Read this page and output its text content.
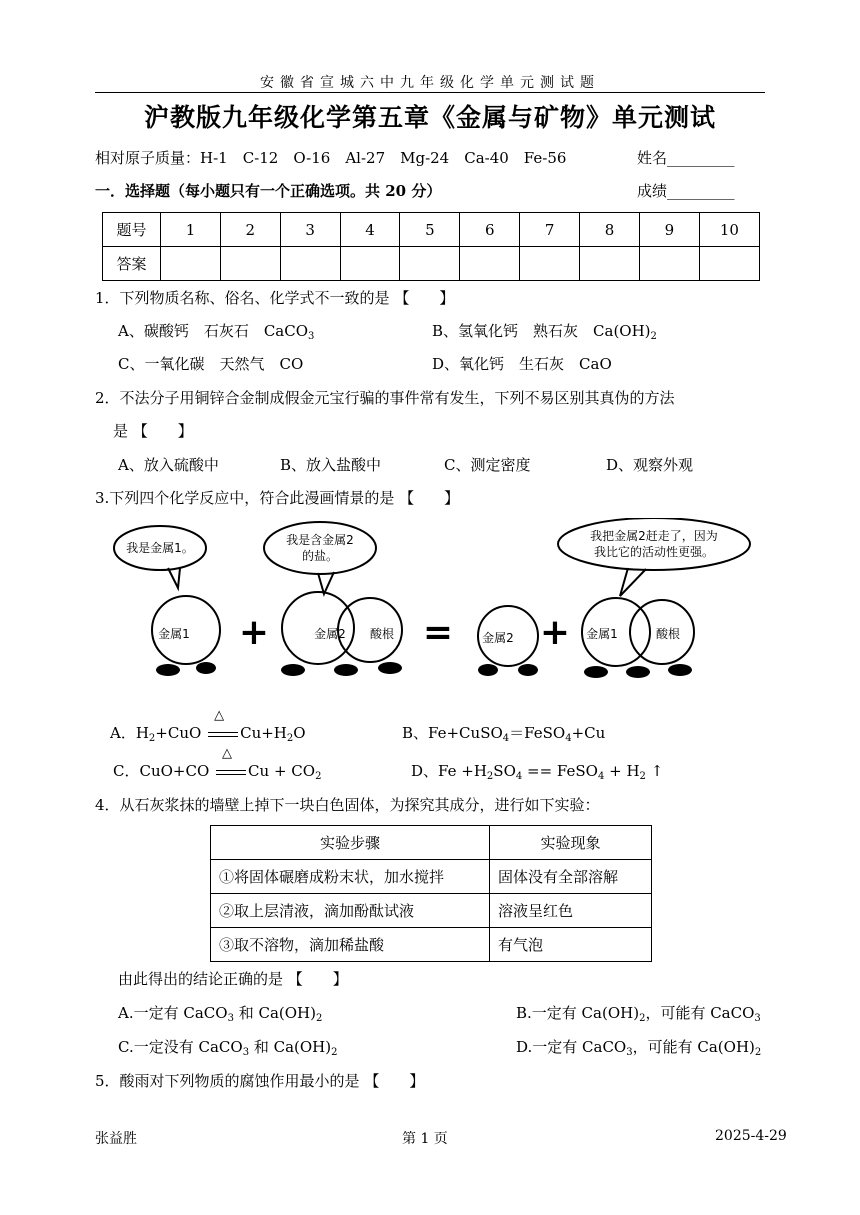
安徽省宣城六中九年级化学单元测试题
沪教版九年级化学第五章《金属与矿物》单元测试
相对原子质量：H-1　C-12　O-16　Al-27　Mg-24　Ca-40　Fe-56	姓名_________
一．选择题（每小题只有一个正确选项。共 20 分）	成绩_________
题号	1	2	3	4	5	6	7	8	9	10
答案										
1．下列物质名称、俗名、化学式不一致的是 【　　】
A、碳酸钙　石灰石　CaCO$_3$	B、氢氧化钙　熟石灰　$Ca(OH)_2$
C、一氧化碳　天然气　CO	D、氧化钙　生石灰　CaO
2．不法分子用铜锌合金制成假金元宝行骗的事件常有发生，下列不易区别其真伪的方法
是 【　　】
A、放入硫酸中	B、放入盐酸中	C、测定密度	D、观察外观
3.下列四个化学反应中，符合此漫画情景的是 【　　】
我是金属1。
我是含金属2
的盐。
我把金属2赶走了，因为
我比它的活动性更强。
金属1	金属2 酸根	金属2	金属1	酸根
+	= +
A．$H_2+CuO$
△
$Cu+H_2O$	B、Fe+CuSO$_4$＝FeSO$_4$+Cu
C．CuO+CO
△
$Cu + CO_2$	D、$Fe +H_2SO_4$ == FeSO$_4$ + $H_2$ ↑
4．从石灰浆抹的墙壁上掉下一块白色固体，为探究其成分，进行如下实验：
实验步骤	实验现象
①将固体碾磨成粉末状，加水搅拌	固体没有全部溶解
②取上层清液，滴加酚酞试液	溶液呈红色
③取不溶物，滴加稀盐酸	有气泡
由此得出的结论正确的是 【　　】
A.一定有 CaCO$_3$ 和 $Ca(OH)_2$	B.一定有 $Ca(OH)_2$，可能有 CaCO$_3$
C.一定没有 CaCO$_3$ 和 $Ca(OH)_2$	D.一定有 CaCO$_3$，可能有 $Ca(OH)_2$
5．酸雨对下列物质的腐蚀作用最小的是 【　　】
张益胜	第 1 页	2025-4-29
